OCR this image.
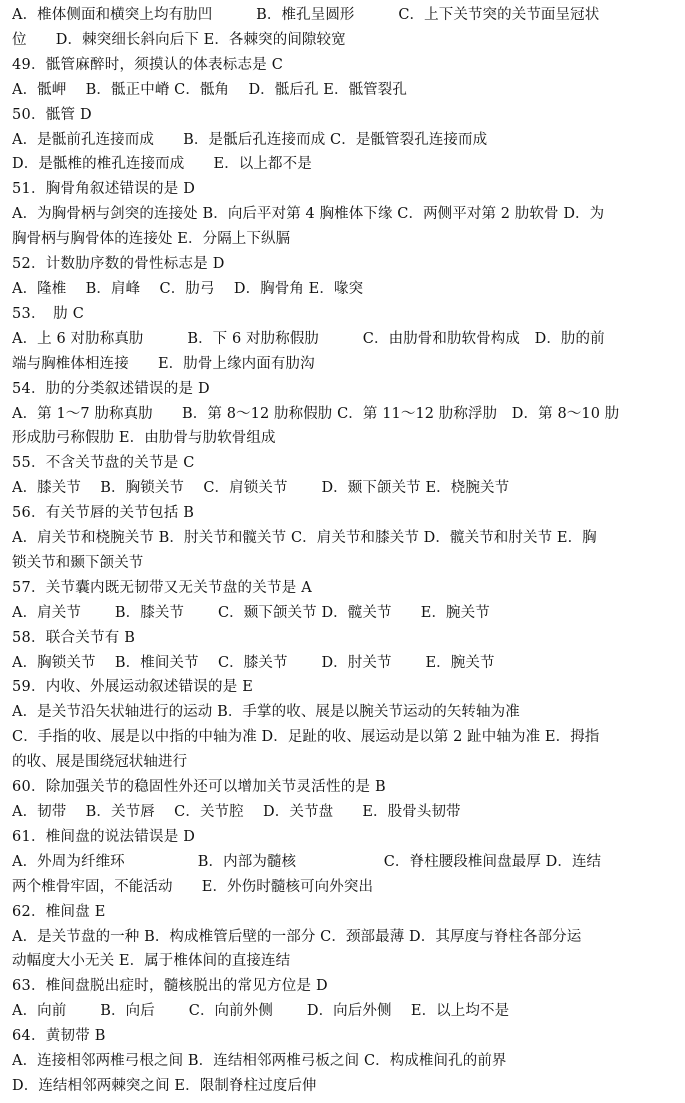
A．椎体侧面和横突上均有肋凹　　　B．椎孔呈圆形　　　C．上下关节突的关节面呈冠状
位　　D．棘突细长斜向后下 E．各棘突的间隙较宽
49．骶管麻醉时，须摸认的体表标志是 C
A．骶岬　 B．骶正中嵴 C．骶角　 D．骶后孔 E．骶管裂孔
50．骶管 D
A．是骶前孔连接而成　　B．是骶后孔连接而成 C．是骶管裂孔连接而成
D．是骶椎的椎孔连接而成　　E．以上都不是
51．胸骨角叙述错误的是 D
A．为胸骨柄与剑突的连接处 B．向后平对第 4 胸椎体下缘 C．两侧平对第 2 肋软骨 D．为
胸骨柄与胸骨体的连接处 E．分隔上下纵膈
52．计数肋序数的骨性标志是 D
A．隆椎　 B．肩峰　 C．肋弓　 D．胸骨角 E．喙突
53．　肋 C
A．上 6 对肋称真肋　　　B．下 6 对肋称假肋　　　C．由肋骨和肋软骨构成　D．肋的前
端与胸椎体相连接　　E．肋骨上缘内面有肋沟
54．肋的分类叙述错误的是 D
A．第 1～7 肋称真肋　　B．第 8～12 肋称假肋 C．第 11～12 肋称浮肋　D．第 8～10 肋
形成肋弓称假肋 E．由肋骨与肋软骨组成
55．不含关节盘的关节是 C
A．膝关节　 B．胸锁关节　 C．肩锁关节　　 D．颞下颌关节 E．桡腕关节
56．有关节唇的关节包括 B
A．肩关节和桡腕关节 B．肘关节和髋关节 C．肩关节和膝关节 D．髋关节和肘关节 E．胸
锁关节和颞下颌关节
57．关节囊内既无韧带又无关节盘的关节是 A
A．肩关节　　 B．膝关节　　 C．颞下颌关节 D．髋关节　　E．腕关节
58．联合关节有 B
A．胸锁关节　 B．椎间关节　 C．膝关节　　 D．肘关节　　 E．腕关节
59．内收、外展运动叙述错误的是 E
A．是关节沿矢状轴进行的运动 B．手掌的收、展是以腕关节运动的矢转轴为准
C．手指的收、展是以中指的中轴为准 D．足趾的收、展运动是以第 2 趾中轴为准 E．拇指
的收、展是围绕冠状轴进行
60．除加强关节的稳固性外还可以增加关节灵活性的是 B
A．韧带　 B．关节唇　 C．关节腔　 D．关节盘　　E．股骨头韧带
61．椎间盘的说法错误是 D
A．外周为纤维环　　　　　B．内部为髓核　　　　　　C．脊柱腰段椎间盘最厚 D．连结
两个椎骨牢固，不能活动　　E．外伤时髓核可向外突出
62．椎间盘 E
A．是关节盘的一种 B．构成椎管后壁的一部分 C．颈部最薄 D．其厚度与脊柱各部分运
动幅度大小无关 E．属于椎体间的直接连结
63．椎间盘脱出症时，髓核脱出的常见方位是 D
A．向前　　 B．向后　　 C．向前外侧　　 D．向后外侧　 E．以上均不是
64．黄韧带 B
A．连接相邻两椎弓根之间 B．连结相邻两椎弓板之间 C．构成椎间孔的前界
D．连结相邻两棘突之间 E．限制脊柱过度后伸
